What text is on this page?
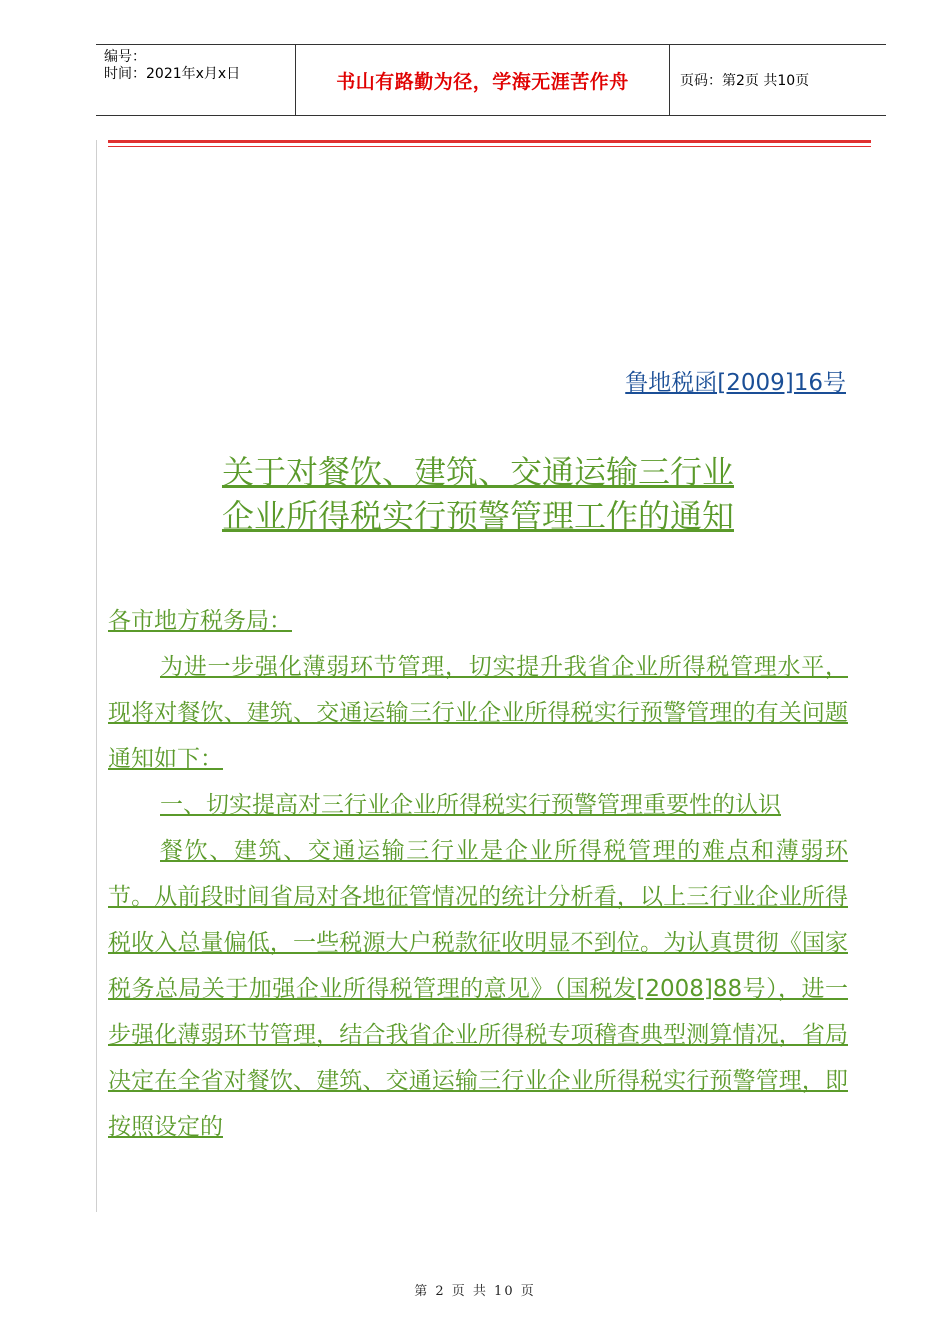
编号：
时间：2021年x月x日	书山有路勤为径，学海无涯苦作舟	页码：第2页 共10页
鲁地税函[2009]16号
关于对餐饮、建筑、交通运输三行业
企业所得税实行预警管理工作的通知

各市地方税务局：

为进一步强化薄弱环节管理，切实提升我省企业所得税管理水平，现将对餐饮、建筑、交通运输三行业企业所得税实行预警管理的有关问题通知如下：

一、切实提高对三行业企业所得税实行预警管理重要性的认识

餐饮、建筑、交通运输三行业是企业所得税管理的难点和薄弱环节。从前段时间省局对各地征管情况的统计分析看，以上三行业企业所得税收入总量偏低，一些税源大户税款征收明显不到位。为认真贯彻《国家税务总局关于加强企业所得税管理的意见》（国税发[2008]88号），进一步强化薄弱环节管理，结合我省企业所得税专项稽查典型测算情况，省局决定在全省对餐饮、建筑、交通运输三行业企业所得税实行预警管理，即按照设定的

第 2 页 共 10 页
